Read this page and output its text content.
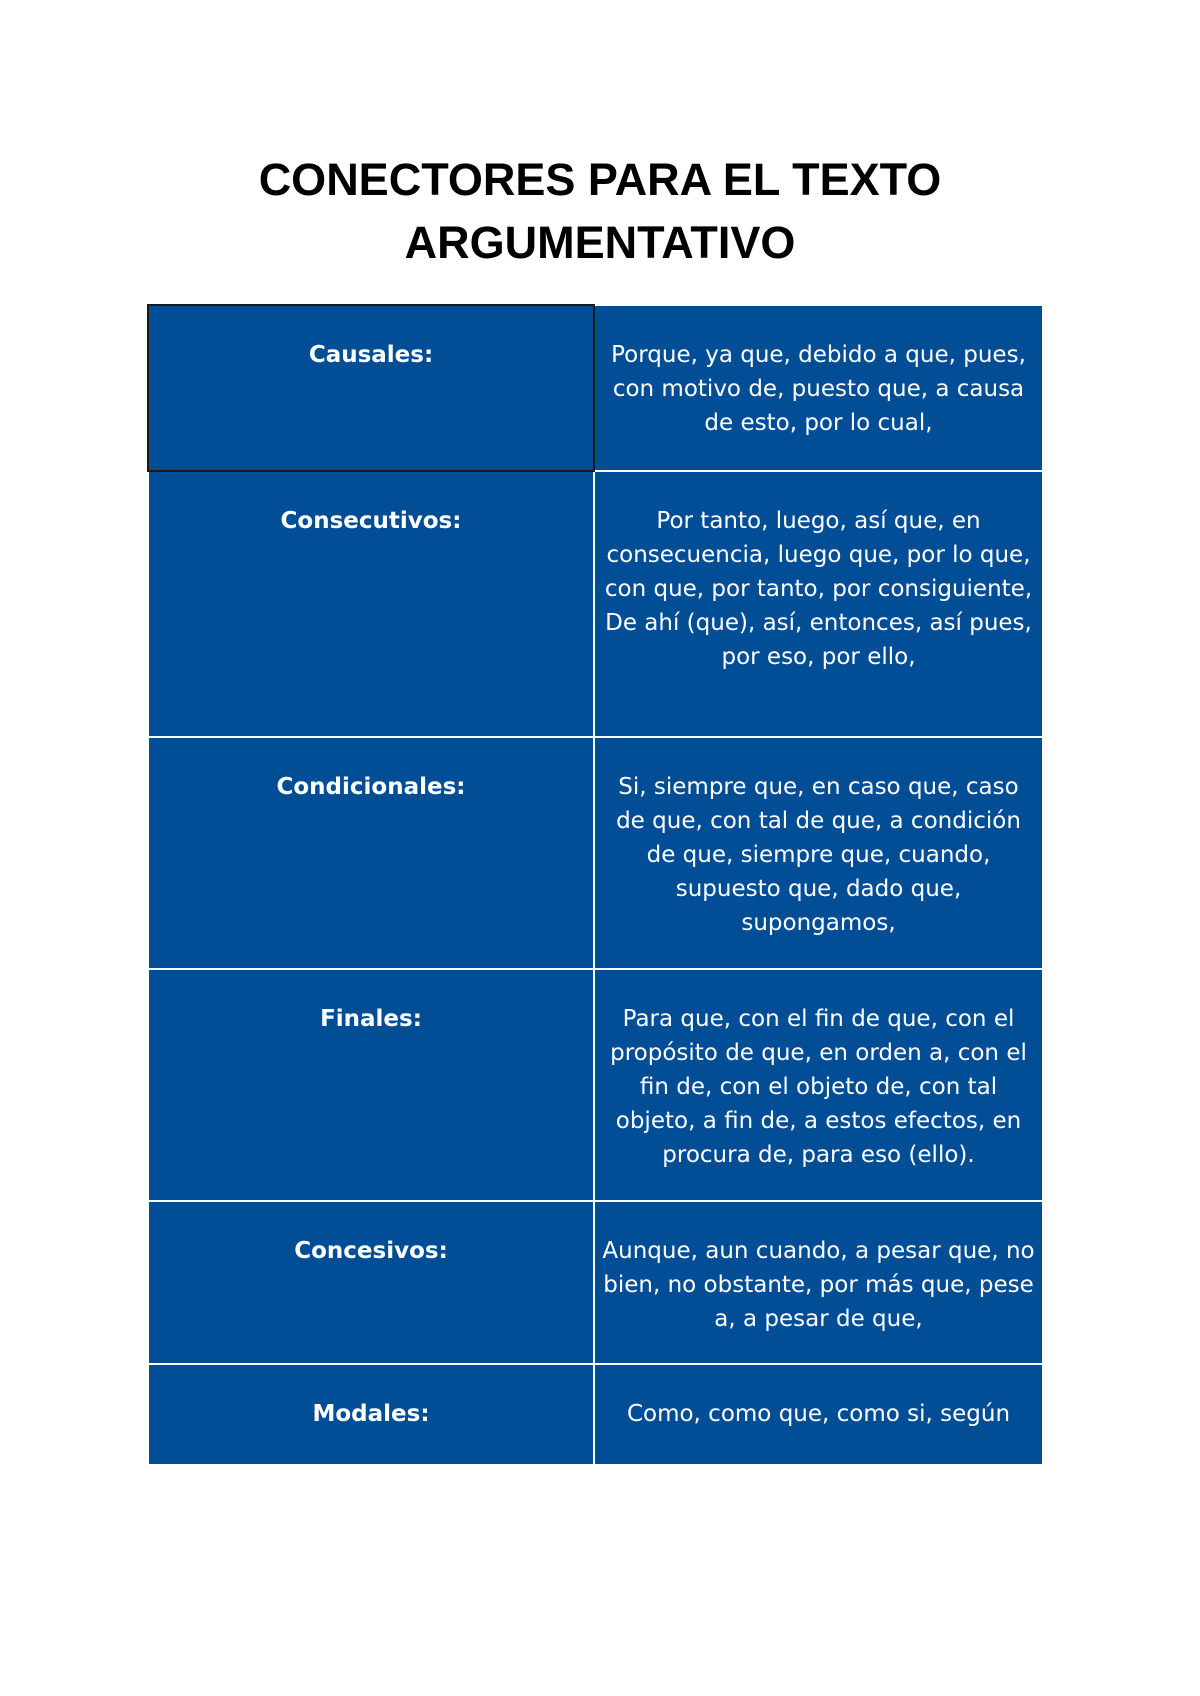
CONECTORES PARA EL TEXTO
ARGUMENTATIVO
Causales:	Porque, ya que, debido a que, pues, con motivo de, puesto que, a causa de esto, por lo cual,
Consecutivos:	Por tanto, luego, así que, en consecuencia, luego que, por lo que, con que, por tanto, por consiguiente, De ahí (que), así, entonces, así pues, por eso, por ello,
Condicionales:	Si, siempre que, en caso que, caso de que, con tal de que, a condición de que, siempre que, cuando, supuesto que, dado que, supongamos,
Finales:	Para que, con el fin de que, con el propósito de que, en orden a, con el fin de, con el objeto de, con tal objeto, a fin de, a estos efectos, en procura de, para eso (ello).
Concesivos:	Aunque, aun cuando, a pesar que, no bien, no obstante, por más que, pese a, a pesar de que,
Modales:	Como, como que, como si, según
